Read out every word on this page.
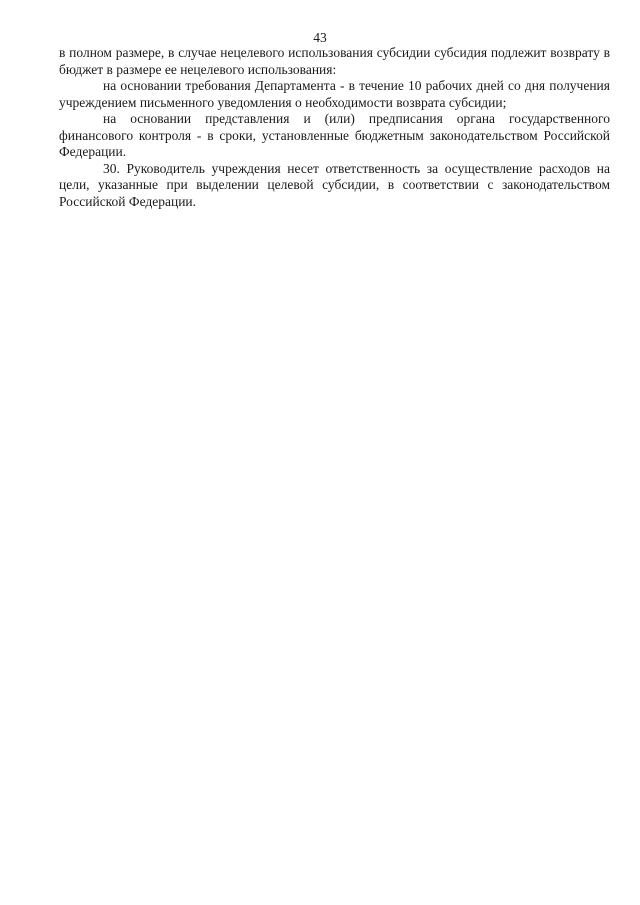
43

в полном размере, в случае нецелевого использования субсидии субсидия подлежит возврату в бюджет в размере ее нецелевого использования:

на основании требования Департамента - в течение 10 рабочих дней со дня получения учреждением письменного уведомления о необходимости возврата субсидии;

на основании представления и (или) предписания органа государственного финансового контроля - в сроки, установленные бюджетным законодательством Российской Федерации.

30. Руководитель учреждения несет ответственность за осуществление расходов на цели, указанные при выделении целевой субсидии, в соответствии с законодательством Российской Федерации.
